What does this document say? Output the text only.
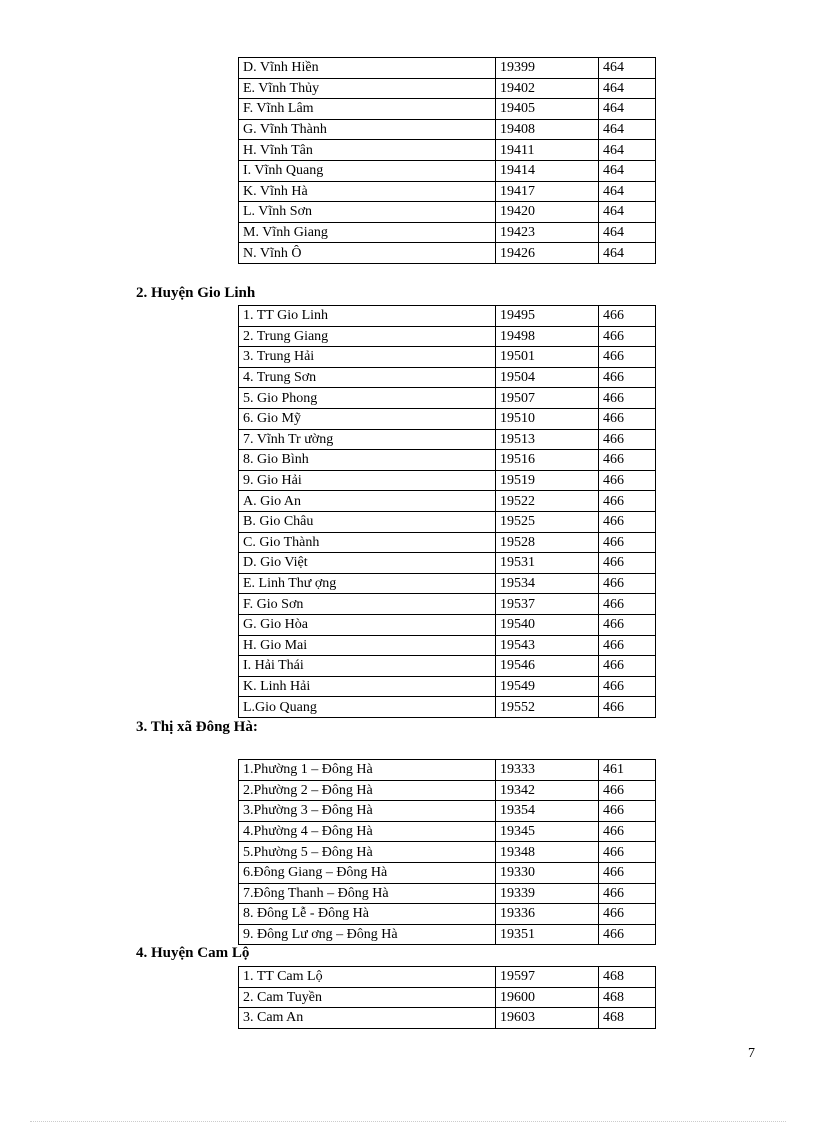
D. Vĩnh Hiền	19399	464
E. Vĩnh Thủy	19402	464
F. Vĩnh Lâm	19405	464
G. Vĩnh Thành	19408	464
H. Vĩnh Tân	19411	464
I. Vĩnh Quang	19414	464
K. Vĩnh Hà	19417	464
L. Vĩnh Sơn	19420	464
M. Vĩnh Giang	19423	464
N. Vĩnh Ô	19426	464
2. Huyện Gio Linh
1. TT Gio Linh	19495	466
2. Trung Giang	19498	466
3. Trung Hải	19501	466
4. Trung Sơn	19504	466
5. Gio Phong	19507	466
6. Gio Mỹ	19510	466
7. Vĩnh Tr ường	19513	466
8. Gio Bình	19516	466
9. Gio Hải	19519	466
A. Gio An	19522	466
B. Gio Châu	19525	466
C. Gio Thành	19528	466
D. Gio Việt	19531	466
E. Linh Thư ợng	19534	466
F. Gio Sơn	19537	466
G. Gio Hòa	19540	466
H. Gio Mai	19543	466
I. Hải Thái	19546	466
K. Linh Hải	19549	466
L.Gio Quang	19552	466
3. Thị xã Đông Hà:
1.Phường 1 – Đông Hà	19333	461
2.Phường 2 – Đông Hà	19342	466
3.Phường 3 – Đông Hà	19354	466
4.Phường 4 – Đông Hà	19345	466
5.Phường 5 – Đông Hà	19348	466
6.Đông Giang – Đông Hà	19330	466
7.Đông Thanh – Đông Hà	19339	466
8. Đông Lễ - Đông Hà	19336	466
9. Đông Lư ơng – Đông Hà	19351	466
4. Huyện Cam Lộ
1. TT Cam Lộ	19597	468
2. Cam Tuyền	19600	468
3. Cam An	19603	468
7
